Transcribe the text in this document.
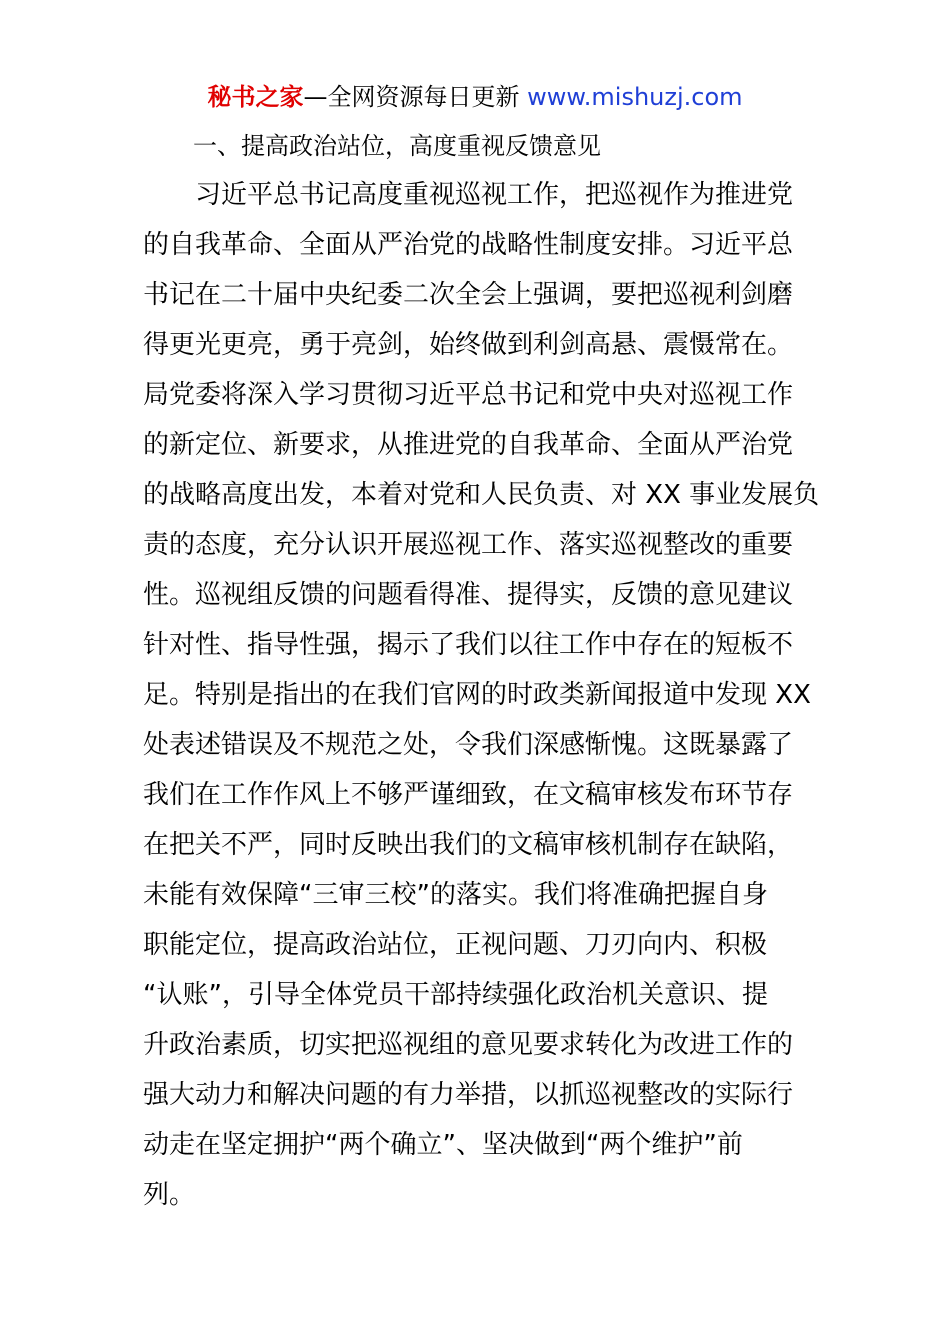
秘书之家—全网资源每日更新 www.mishuzj.com
一、提高政治站位，高度重视反馈意见
　　习近平总书记高度重视巡视工作，把巡视作为推进党
的自我革命、全面从严治党的战略性制度安排。习近平总
书记在二十届中央纪委二次全会上强调，要把巡视利剑磨
得更光更亮，勇于亮剑，始终做到利剑高悬、震慑常在。
局党委将深入学习贯彻习近平总书记和党中央对巡视工作
的新定位、新要求，从推进党的自我革命、全面从严治党
的战略高度出发，本着对党和人民负责、对 XX 事业发展负
责的态度，充分认识开展巡视工作、落实巡视整改的重要
性。巡视组反馈的问题看得准、提得实，反馈的意见建议
针对性、指导性强，揭示了我们以往工作中存在的短板不
足。特别是指出的在我们官网的时政类新闻报道中发现 XX
处表述错误及不规范之处，令我们深感惭愧。这既暴露了
我们在工作作风上不够严谨细致，在文稿审核发布环节存
在把关不严，同时反映出我们的文稿审核机制存在缺陷，
未能有效保障“三审三校”的落实。我们将准确把握自身
职能定位，提高政治站位，正视问题、刀刃向内、积极
“认账”，引导全体党员干部持续强化政治机关意识、提
升政治素质，切实把巡视组的意见要求转化为改进工作的
强大动力和解决问题的有力举措，以抓巡视整改的实际行
动走在坚定拥护“两个确立”、坚决做到“两个维护”前
列。
